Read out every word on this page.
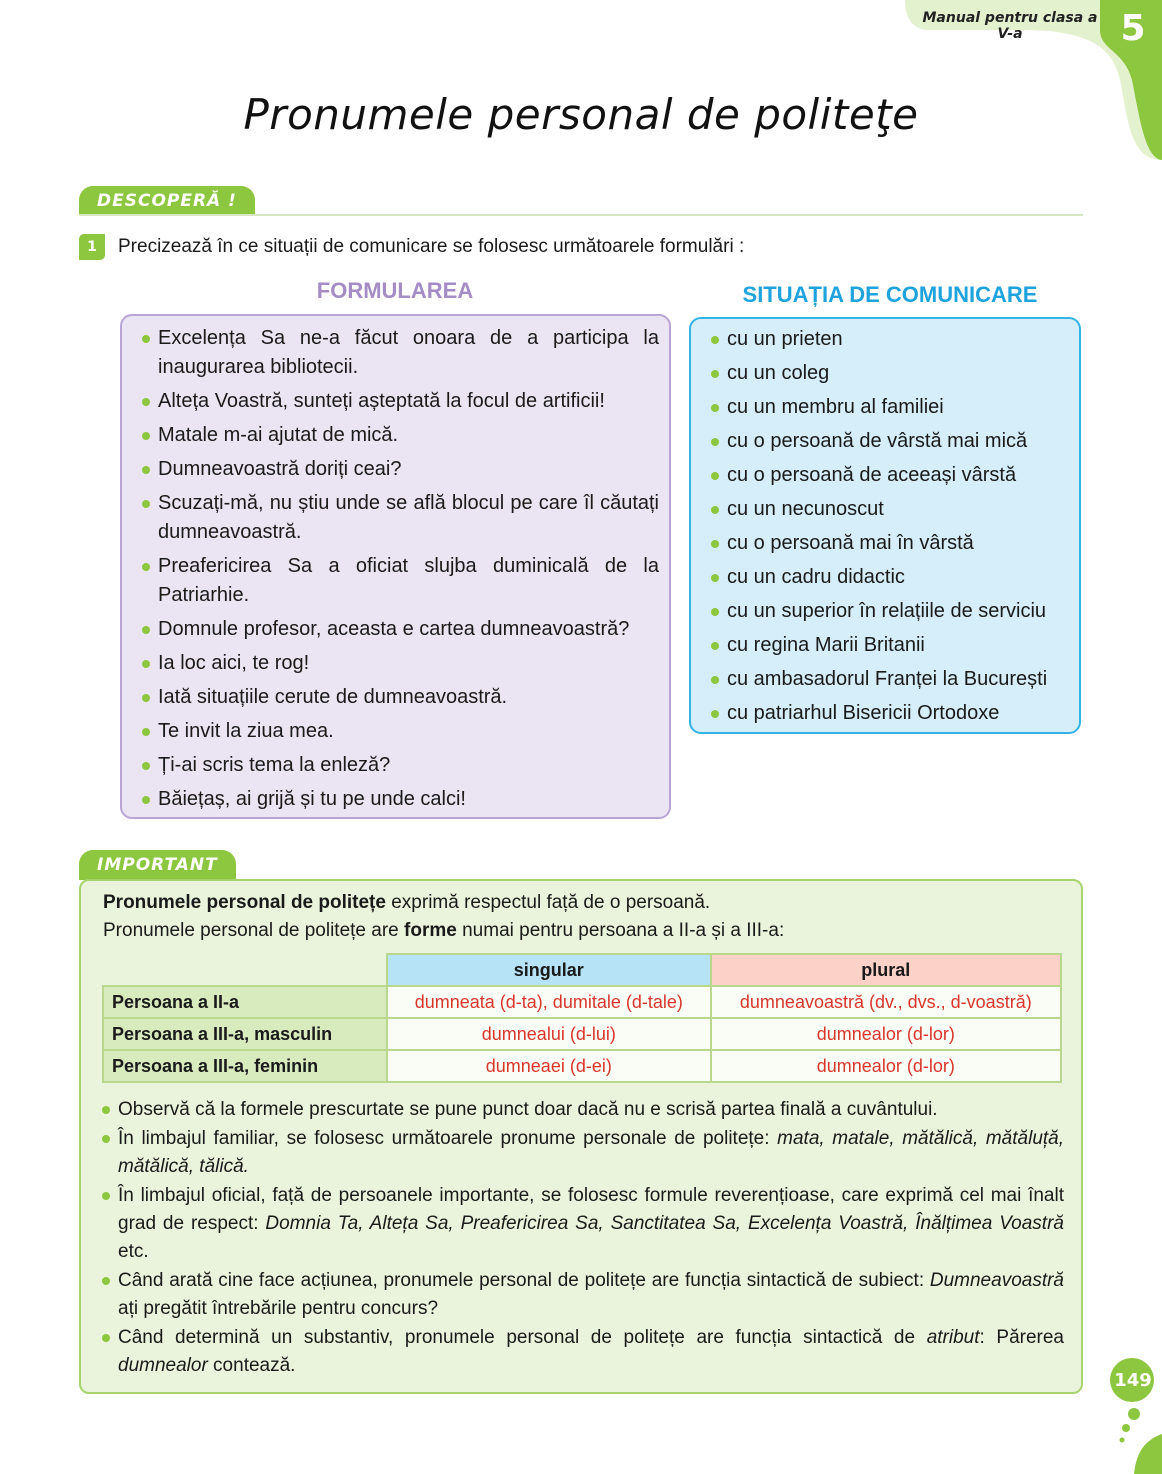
Manual pentru clasa a V-a	5
Pronumele personal de politeţe
DESCOPERĂ !
1	Precizează în ce situații de comunicare se folosesc următoarele formulări :
FORMULAREA	SITUAȚIA DE COMUNICARE
Excelența Sa ne-a făcut onoara de a participa la inaugurarea bibliotecii.
Alteța Voastră, sunteți așteptată la focul de artificii!
Matale m-ai ajutat de mică.
Dumneavoastră doriți ceai?
Scuzați-mă, nu știu unde se află blocul pe care îl căutați dumneavoastră.
Preafericirea Sa a oficiat slujba duminicală de la Patriarhie.
Domnule profesor, aceasta e cartea dumneavoastră?
Ia loc aici, te rog!
Iată situațiile cerute de dumneavoastră.
Te invit la ziua mea.
Ți-ai scris tema la enleză?
Băiețaș, ai grijă și tu pe unde calci!
cu un prieten
cu un coleg
cu un membru al familiei
cu o persoană de vârstă mai mică
cu o persoană de aceeași vârstă
cu un necunoscut
cu o persoană mai în vârstă
cu un cadru didactic
cu un superior în relațiile de serviciu
cu regina Marii Britanii
cu ambasadorul Franței la București
cu patriarhul Bisericii Ortodoxe
IMPORTANT

Pronumele personal de politețe exprimă respectul față de o persoană.

Pronumele personal de politețe are forme numai pentru persoana a II-a și a III-a:

	singular	plural
Persoana a II-a	dumneata (d-ta), dumitale (d-tale)	dumneavoastră (dv., dvs., d-voastră)
Persoana a III-a, masculin	dumnealui (d-lui)	dumnealor (d-lor)
Persoana a III-a, feminin	dumneaei (d-ei)	dumnealor (d-lor)
Observă că la formele prescurtate se pune punct doar dacă nu e scrisă partea finală a cuvântului.
În limbajul familiar, se folosesc următoarele pronume personale de politețe: mata, matale, mătălică, mătăluță, mătălică, tălică.
În limbajul oficial, față de persoanele importante, se folosesc formule reverențioase, care exprimă cel mai înalt grad de respect: Domnia Ta, Alteța Sa, Preafericirea Sa, Sanctitatea Sa, Excelența Voastră, Înălțimea Voastră etc.
Când arată cine face acțiunea, pronumele personal de politețe are funcția sintactică de subiect: Dumneavoastră ați pregătit întrebările pentru concurs?
Când determină un substantiv, pronumele personal de politețe are funcția sintactică de atribut: Părerea dumnealor contează.
149
